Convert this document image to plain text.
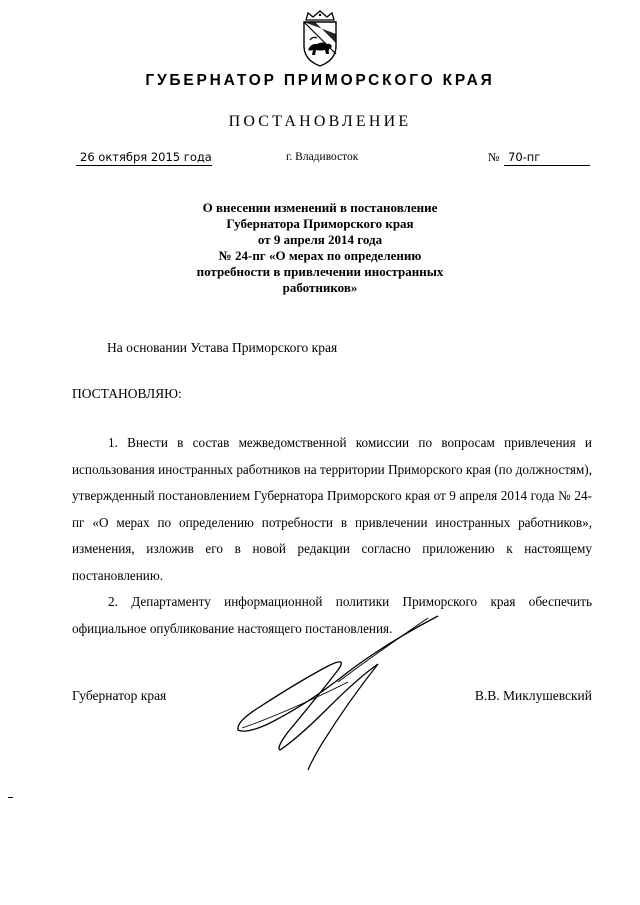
ГУБЕРНАТОР ПРИМОРСКОГО КРАЯ
ПОСТАНОВЛЕНИЕ
26 октября 2015 года	г. Владивосток	№ 70-пг
О внесении изменений в постановление
Губернатора Приморского края
от 9 апреля 2014 года
№ 24-пг «О мерах по определению
потребности в привлечении иностранных
работников»
На основании Устава Приморского края
ПОСТАНОВЛЯЮ:

1. Внести в состав межведомственной комиссии по вопросам привлечения и использования иностранных работников на территории Приморского края (по должностям), утвержденный постановлением Губернатора Приморского края от 9 апреля 2014 года № 24-пг «О мерах по определению потребности в привлечении иностранных работников», изменения, изложив его в новой редакции согласно приложению к настоящему постановлению.

2. Департаменту информационной политики Приморского края обеспечить официальное опубликование настоящего постановления.

Губернатор края	В.В. Миклушевский
